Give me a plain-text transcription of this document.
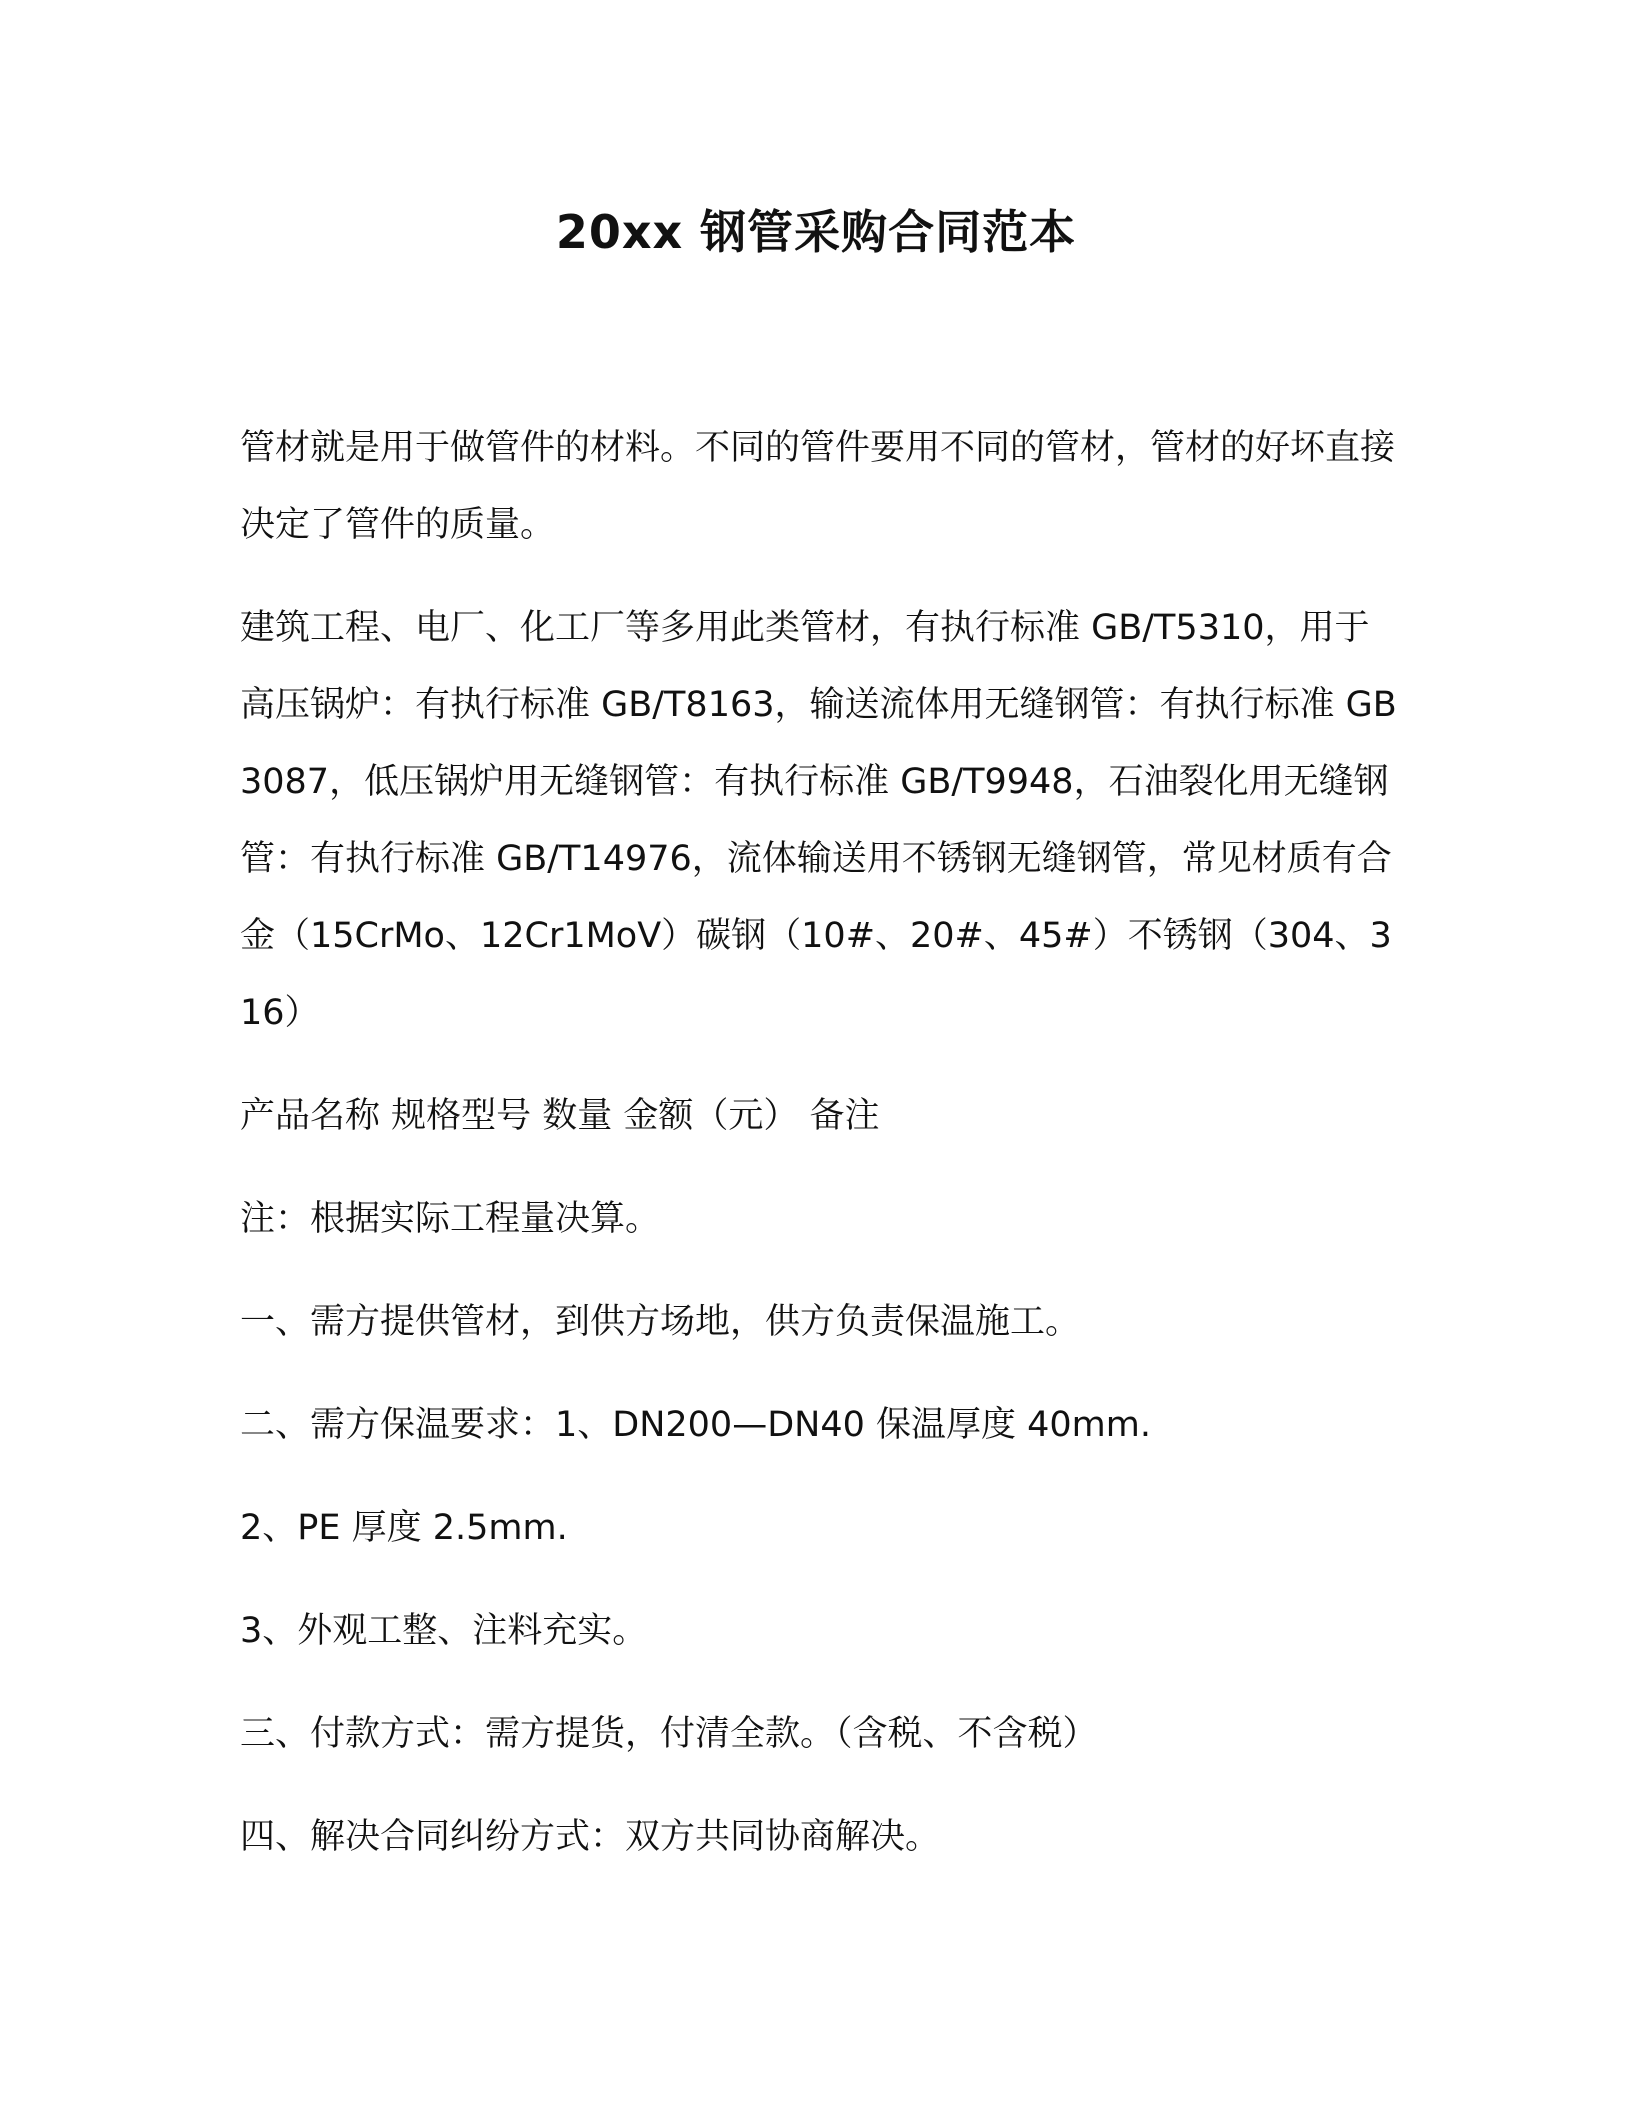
20xx 钢管采购合同范本

管材就是用于做管件的材料。不同的管件要用不同的管材，管材的好坏直接决定了管件的质量。

建筑工程、电厂、化工厂等多用此类管材，有执行标准 GB/T5310，用于高压锅炉：有执行标准 GB/T8163，输送流体用无缝钢管：有执行标准 GB3087，低压锅炉用无缝钢管：有执行标准 GB/T9948，石油裂化用无缝钢管：有执行标准 GB/T14976，流体输送用不锈钢无缝钢管，常见材质有合金（15CrMo、12Cr1MoV）碳钢（10#、20#、45#）不锈钢（304、316）

产品名称 规格型号 数量 金额（元） 备注

注：根据实际工程量决算。

一、需方提供管材，到供方场地，供方负责保温施工。

二、需方保温要求：1、DN200—DN40 保温厚度 40mm.

2、PE 厚度 2.5mm.

3、外观工整、注料充实。

三、付款方式：需方提货，付清全款。（含税、不含税）

四、解决合同纠纷方式：双方共同协商解决。
